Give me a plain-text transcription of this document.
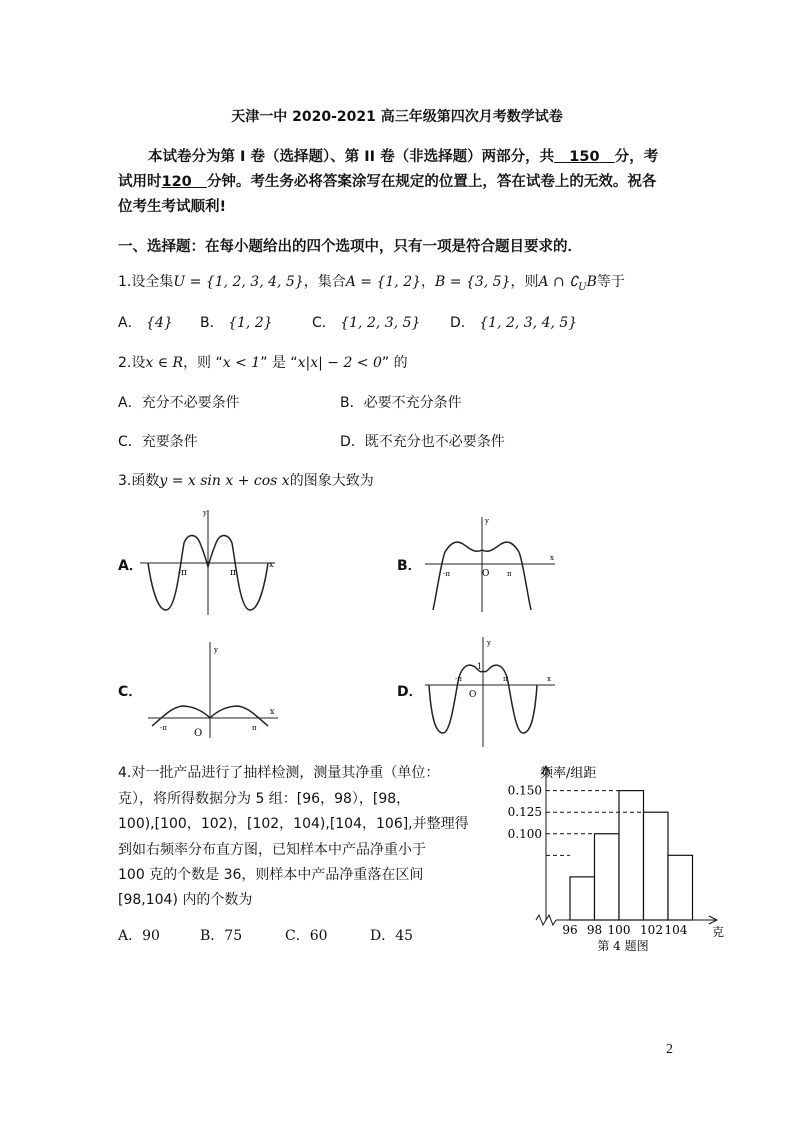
天津一中 2020-2021 高三年级第四次月考数学试卷
本试卷分为第 I 卷（选择题）、第 II 卷（非选择题）两部分，共 150 分，考
试用时120 分钟。考生务必将答案涂写在规定的位置上，答在试卷上的无效。祝各
位考生考试顺利!
一、选择题：在每小题给出的四个选项中，只有一项是符合题目要求的．
1.设全集U = {1, 2, 3, 4, 5}，集合A = {1, 2}，B = {3, 5}，则A ∩ $∁_UB$等于
A． {4} B． {1, 2}	C． {1, 2, 3, 5} D． {1, 2, 3, 4, 5}
2.设x ∈ R，则 “x < 1” 是 “x|x| − 2 < 0” 的
A．充分不必要条件	B．必要不充分条件
C．充要条件	D．既不充分也不必要条件
3.函数y = x sin x + cos x的图象大致为
A．	B．
C．	D．
-π	π
y
x
-π	O	π
y
x
-π	O	π
y
x
-π
1
O
π
y
x
4.对一批产品进行了抽样检测，测量其净重（单位：
克），将所得数据分为 5 组：[96，98），[98，
100),[100，102)，[102，104),[104，106],并整理得
到如右频率分布直方图，已知样本中产品净重小于
100 克的个数是 36，则样本中产品净重落在区间
[98,104) 内的个数为
A．90	B．75	C．60	D．45
0.150
0.125
0.100
频率/组距
96 98 100 102 104 克
第 4 题图
2
